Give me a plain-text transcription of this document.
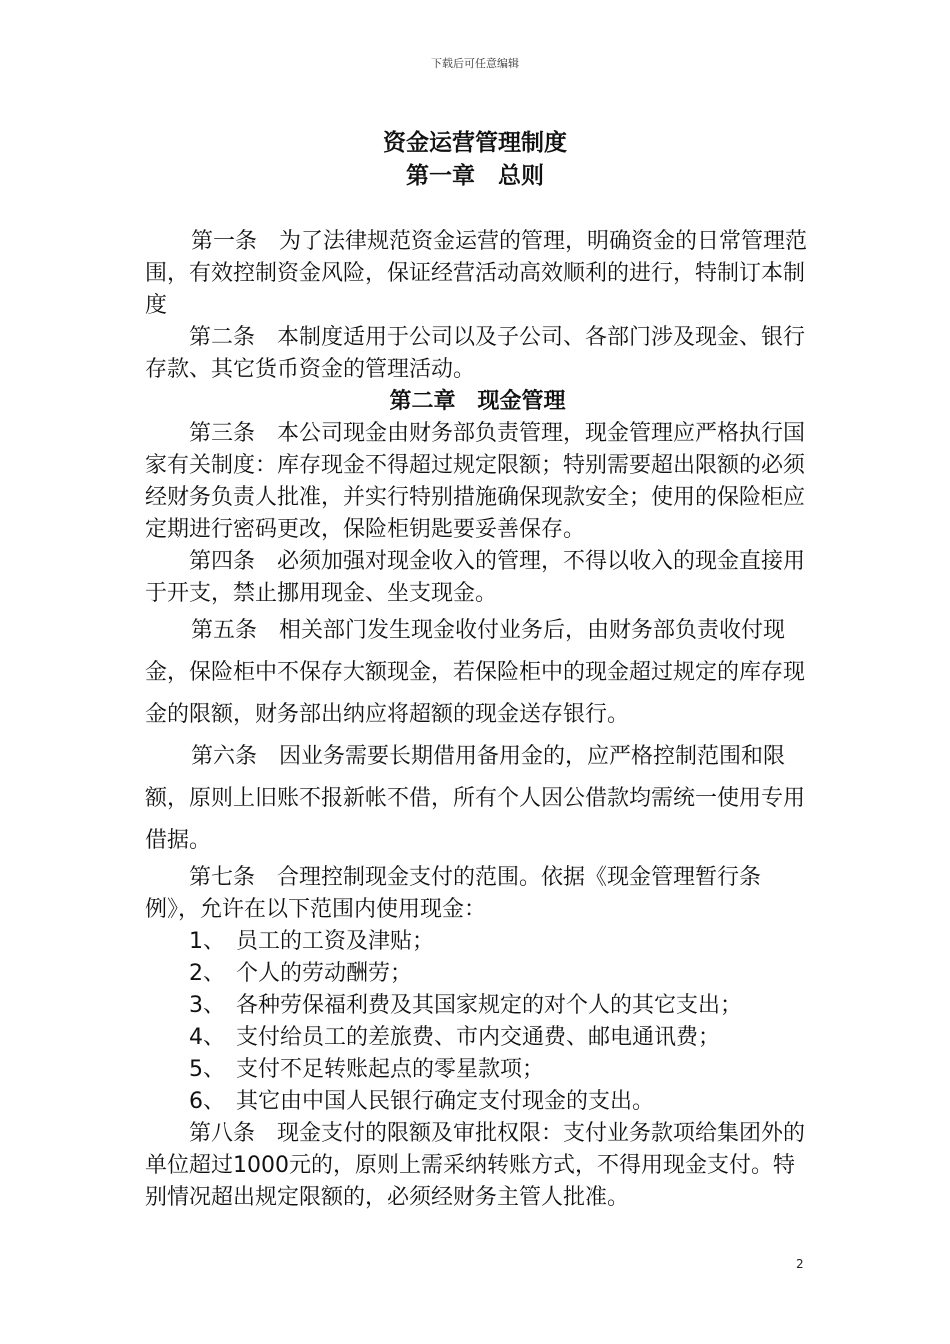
下载后可任意编辑
资金运营管理制度
第一章　总则

第一条　为了法律规范资金运营的管理，明确资金的日常管理范围，有效控制资金风险，保证经营活动高效顺利的进行，特制订本制度

第二条　本制度适用于公司以及子公司、各部门涉及现金、银行存款、其它货币资金的管理活动。

第二章　现金管理

第三条　本公司现金由财务部负责管理，现金管理应严格执行国家有关制度：库存现金不得超过规定限额；特别需要超出限额的必须经财务负责人批准，并实行特别措施确保现款安全；使用的保险柜应定期进行密码更改，保险柜钥匙要妥善保存。

第四条　必须加强对现金收入的管理，不得以收入的现金直接用于开支，禁止挪用现金、坐支现金。

第五条　相关部门发生现金收付业务后，由财务部负责收付现金，保险柜中不保存大额现金，若保险柜中的现金超过规定的库存现金的限额，财务部出纳应将超额的现金送存银行。

第六条　因业务需要长期借用备用金的，应严格控制范围和限额，原则上旧账不报新帐不借，所有个人因公借款均需统一使用专用借据。

第七条　合理控制现金支付的范围。依据《现金管理暂行条例》，允许在以下范围内使用现金：

1、　员工的工资及津贴；

2、　个人的劳动酬劳；

3、　各种劳保福利费及其国家规定的对个人的其它支出；

4、　支付给员工的差旅费、市内交通费、邮电通讯费；

5、　支付不足转账起点的零星款项；

6、　其它由中国人民银行确定支付现金的支出。

第八条　现金支付的限额及审批权限：支付业务款项给集团外的单位超过1000元的，原则上需采纳转账方式，不得用现金支付。特别情况超出规定限额的，必须经财务主管人批准。

2
